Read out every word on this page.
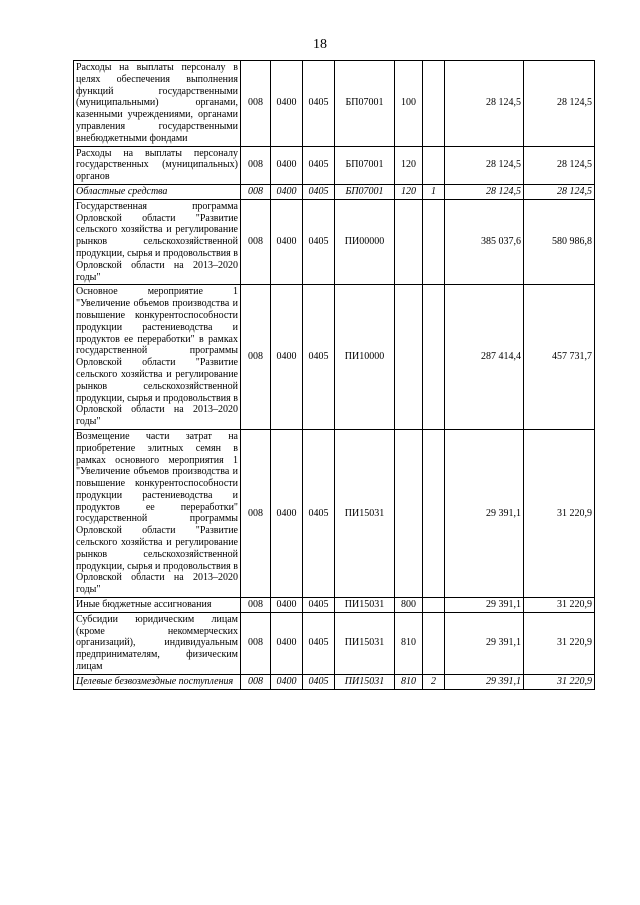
18
Расходы на выплаты персоналу в целях обеспечения выполнения функций государственными (муниципальными) органами, казенными учреждениями, органами управления государственными внебюджетными фондами	008	0400	0405	БП07001	100		28 124,5	28 124,5
Расходы на выплаты персоналу государственных (муниципальных) органов	008	0400	0405	БП07001	120		28 124,5	28 124,5
Областные средства	008	0400	0405	БП07001	120	1	28 124,5	28 124,5
Государственная программа Орловской области "Развитие сельского хозяйства и регулирование рынков сельскохозяйственной продукции, сырья и продовольствия в Орловской области на 2013–2020 годы"	008	0400	0405	ПИ00000			385 037,6	580 986,8
Основное мероприятие 1 "Увеличение объемов производства и повышение конкурентоспособности продукции растениеводства и продуктов ее переработки" в рамках государственной программы Орловской области "Развитие сельского хозяйства и регулирование рынков сельскохозяйственной продукции, сырья и продовольствия в Орловской области на 2013–2020 годы"	008	0400	0405	ПИ10000			287 414,4	457 731,7
Возмещение части затрат на приобретение элитных семян в рамках основного мероприятия 1 "Увеличение объемов производства и повышение конкурентоспособности продукции растениеводства и продуктов ее переработки" государственной программы Орловской области "Развитие сельского хозяйства и регулирование рынков сельскохозяйственной продукции, сырья и продовольствия в Орловской области на 2013–2020 годы"	008	0400	0405	ПИ15031			29 391,1	31 220,9
Иные бюджетные ассигнования	008	0400	0405	ПИ15031	800		29 391,1	31 220,9
Субсидии юридическим лицам (кроме некоммерческих организаций), индивидуальным предпринимателям, физическим лицам	008	0400	0405	ПИ15031	810		29 391,1	31 220,9
Целевые безвозмездные поступления	008	0400	0405	ПИ15031	810	2	29 391,1	31 220,9
